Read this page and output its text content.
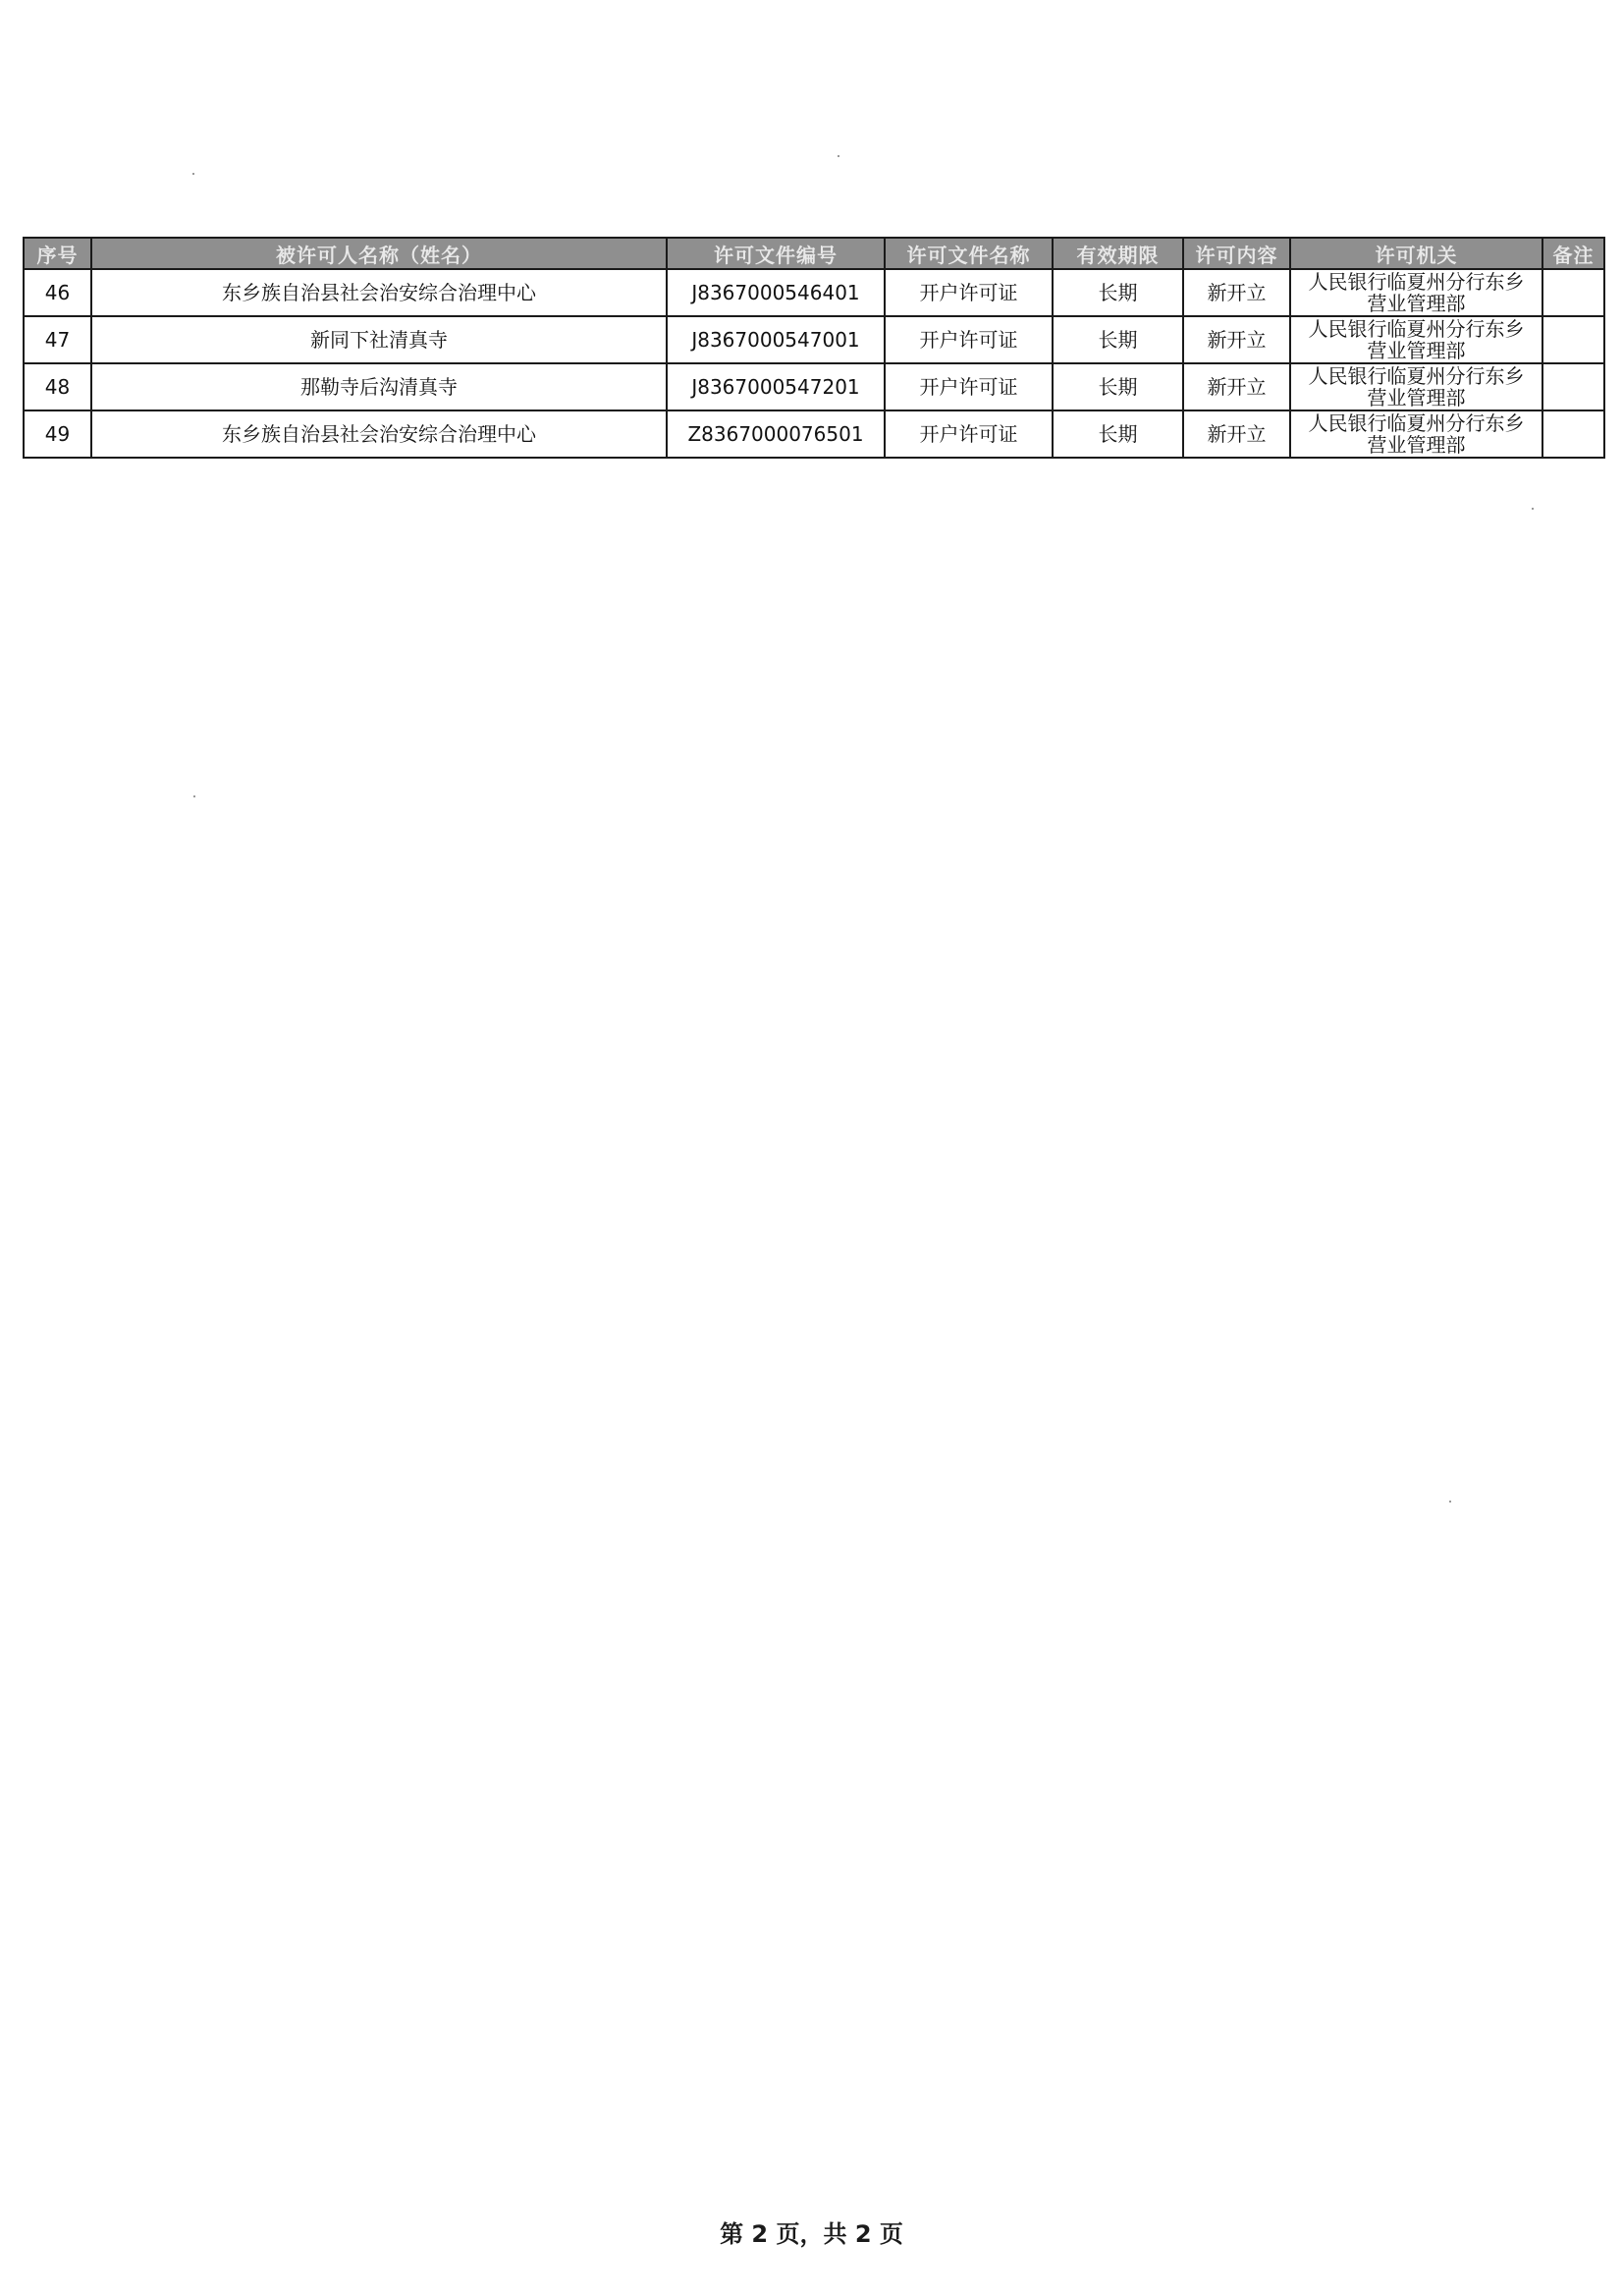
序号	被许可人名称（姓名）	许可文件编号	许可文件名称	有效期限	许可内容	许可机关	备注
46	东乡族自治县社会治安综合治理中心	J8367000546401	开户许可证	长期	新开立	人民银行临夏州分行东乡
营业管理部	

47	新同下社清真寺	J8367000547001	开户许可证	长期	新开立	人民银行临夏州分行东乡
营业管理部	

48	那勒寺后沟清真寺	J8367000547201	开户许可证	长期	新开立	人民银行临夏州分行东乡
营业管理部	

49	东乡族自治县社会治安综合治理中心	Z8367000076501	开户许可证	长期	新开立	人民银行临夏州分行东乡
营业管理部	

第 2 页，共 2 页
